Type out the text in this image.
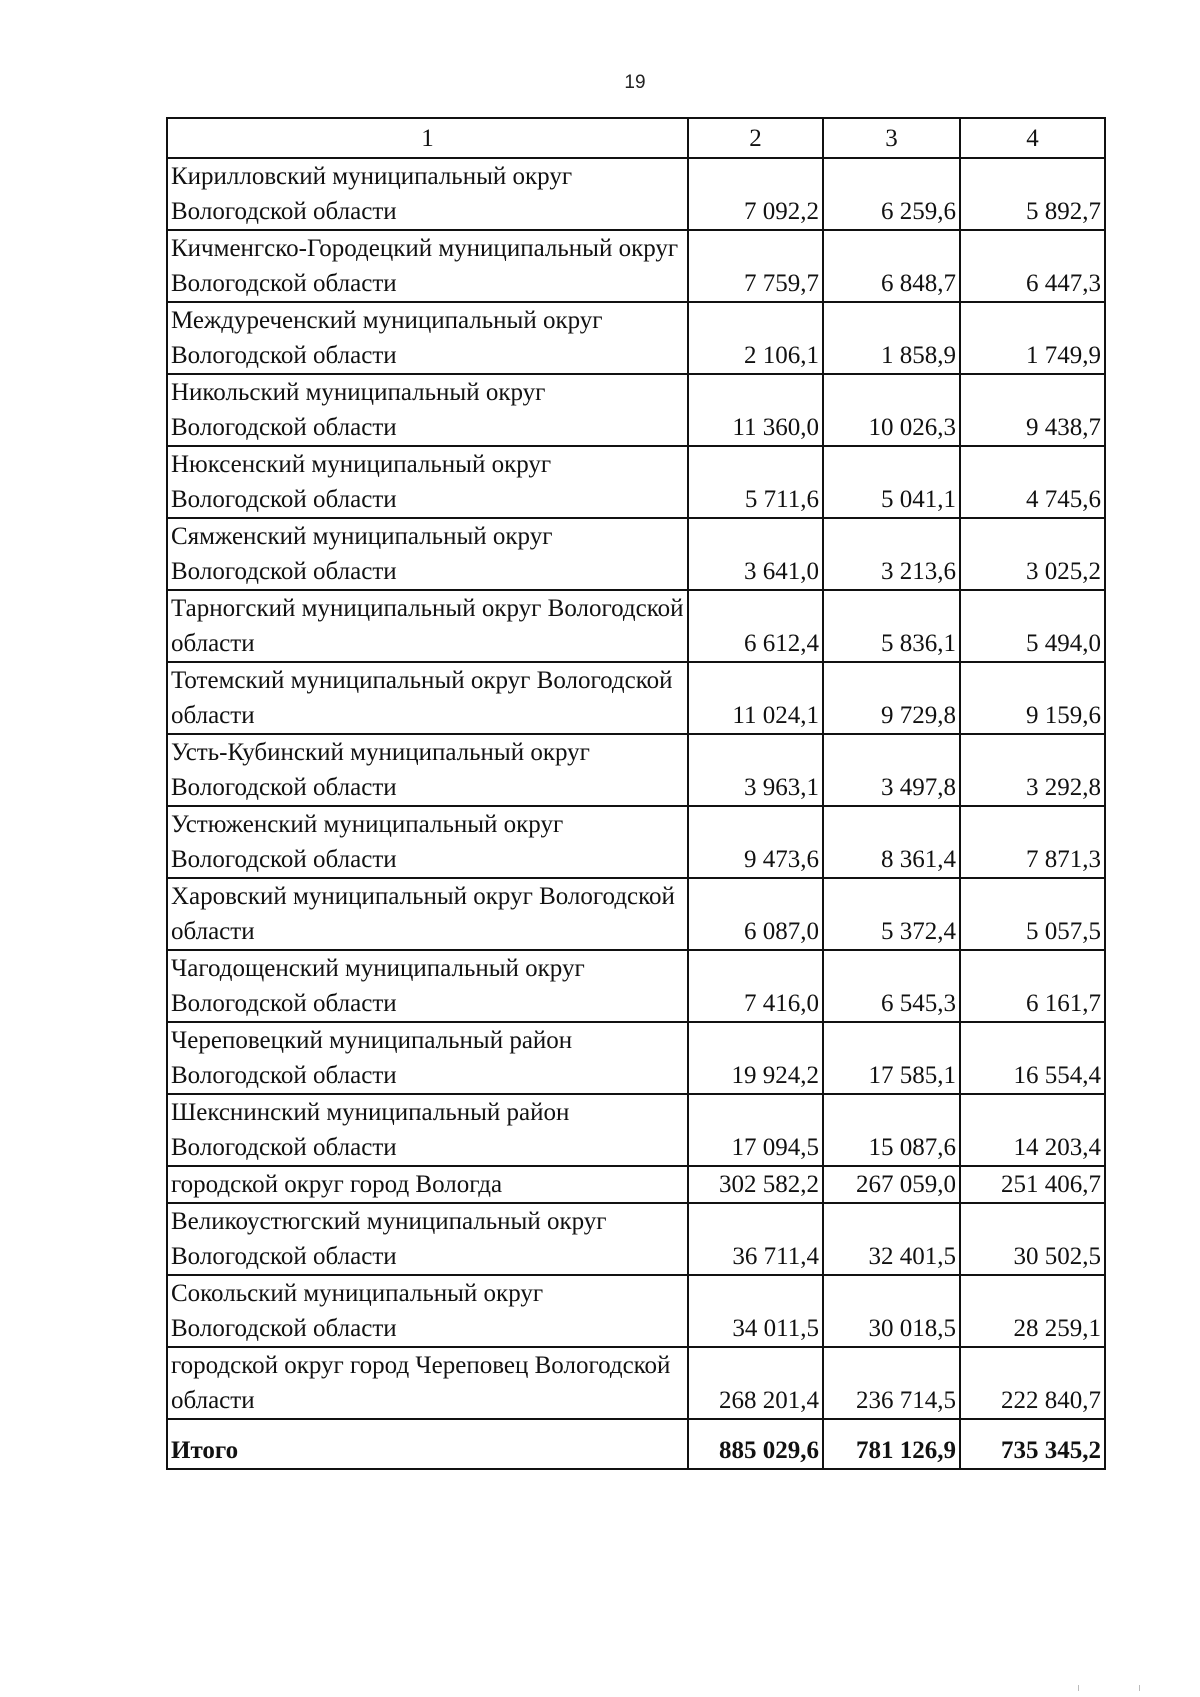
19
1	2	3	4
Кирилловский муниципальный округ Вологодской области	7 092,2	6 259,6	5 892,7
Кичменгско-Городецкий муниципальный округ Вологодской области	7 759,7	6 848,7	6 447,3
Междуреченский муниципальный округ Вологодской области	2 106,1	1 858,9	1 749,9
Никольский муниципальный округ Вологодской области	11 360,0	10 026,3	9 438,7
Нюксенский муниципальный округ Вологодской области	5 711,6	5 041,1	4 745,6
Сямженский муниципальный округ Вологодской области	3 641,0	3 213,6	3 025,2
Тарногский муниципальный округ Вологодской области	6 612,4	5 836,1	5 494,0
Тотемский муниципальный округ Вологодской области	11 024,1	9 729,8	9 159,6
Усть-Кубинский муниципальный округ Вологодской области	3 963,1	3 497,8	3 292,8
Устюженский муниципальный округ Вологодской области	9 473,6	8 361,4	7 871,3
Харовский муниципальный округ Вологодской области	6 087,0	5 372,4	5 057,5
Чагодощенский муниципальный округ Вологодской области	7 416,0	6 545,3	6 161,7
Череповецкий муниципальный район Вологодской области	19 924,2	17 585,1	16 554,4
Шекснинский муниципальный район Вологодской области	17 094,5	15 087,6	14 203,4
городской округ город Вологда	302 582,2	267 059,0	251 406,7
Великоустюгский муниципальный округ Вологодской области	36 711,4	32 401,5	30 502,5
Сокольский муниципальный округ Вологодской области	34 011,5	30 018,5	28 259,1
городской округ город Череповец Вологодской области	268 201,4	236 714,5	222 840,7
Итого	885 029,6	781 126,9	735 345,2
